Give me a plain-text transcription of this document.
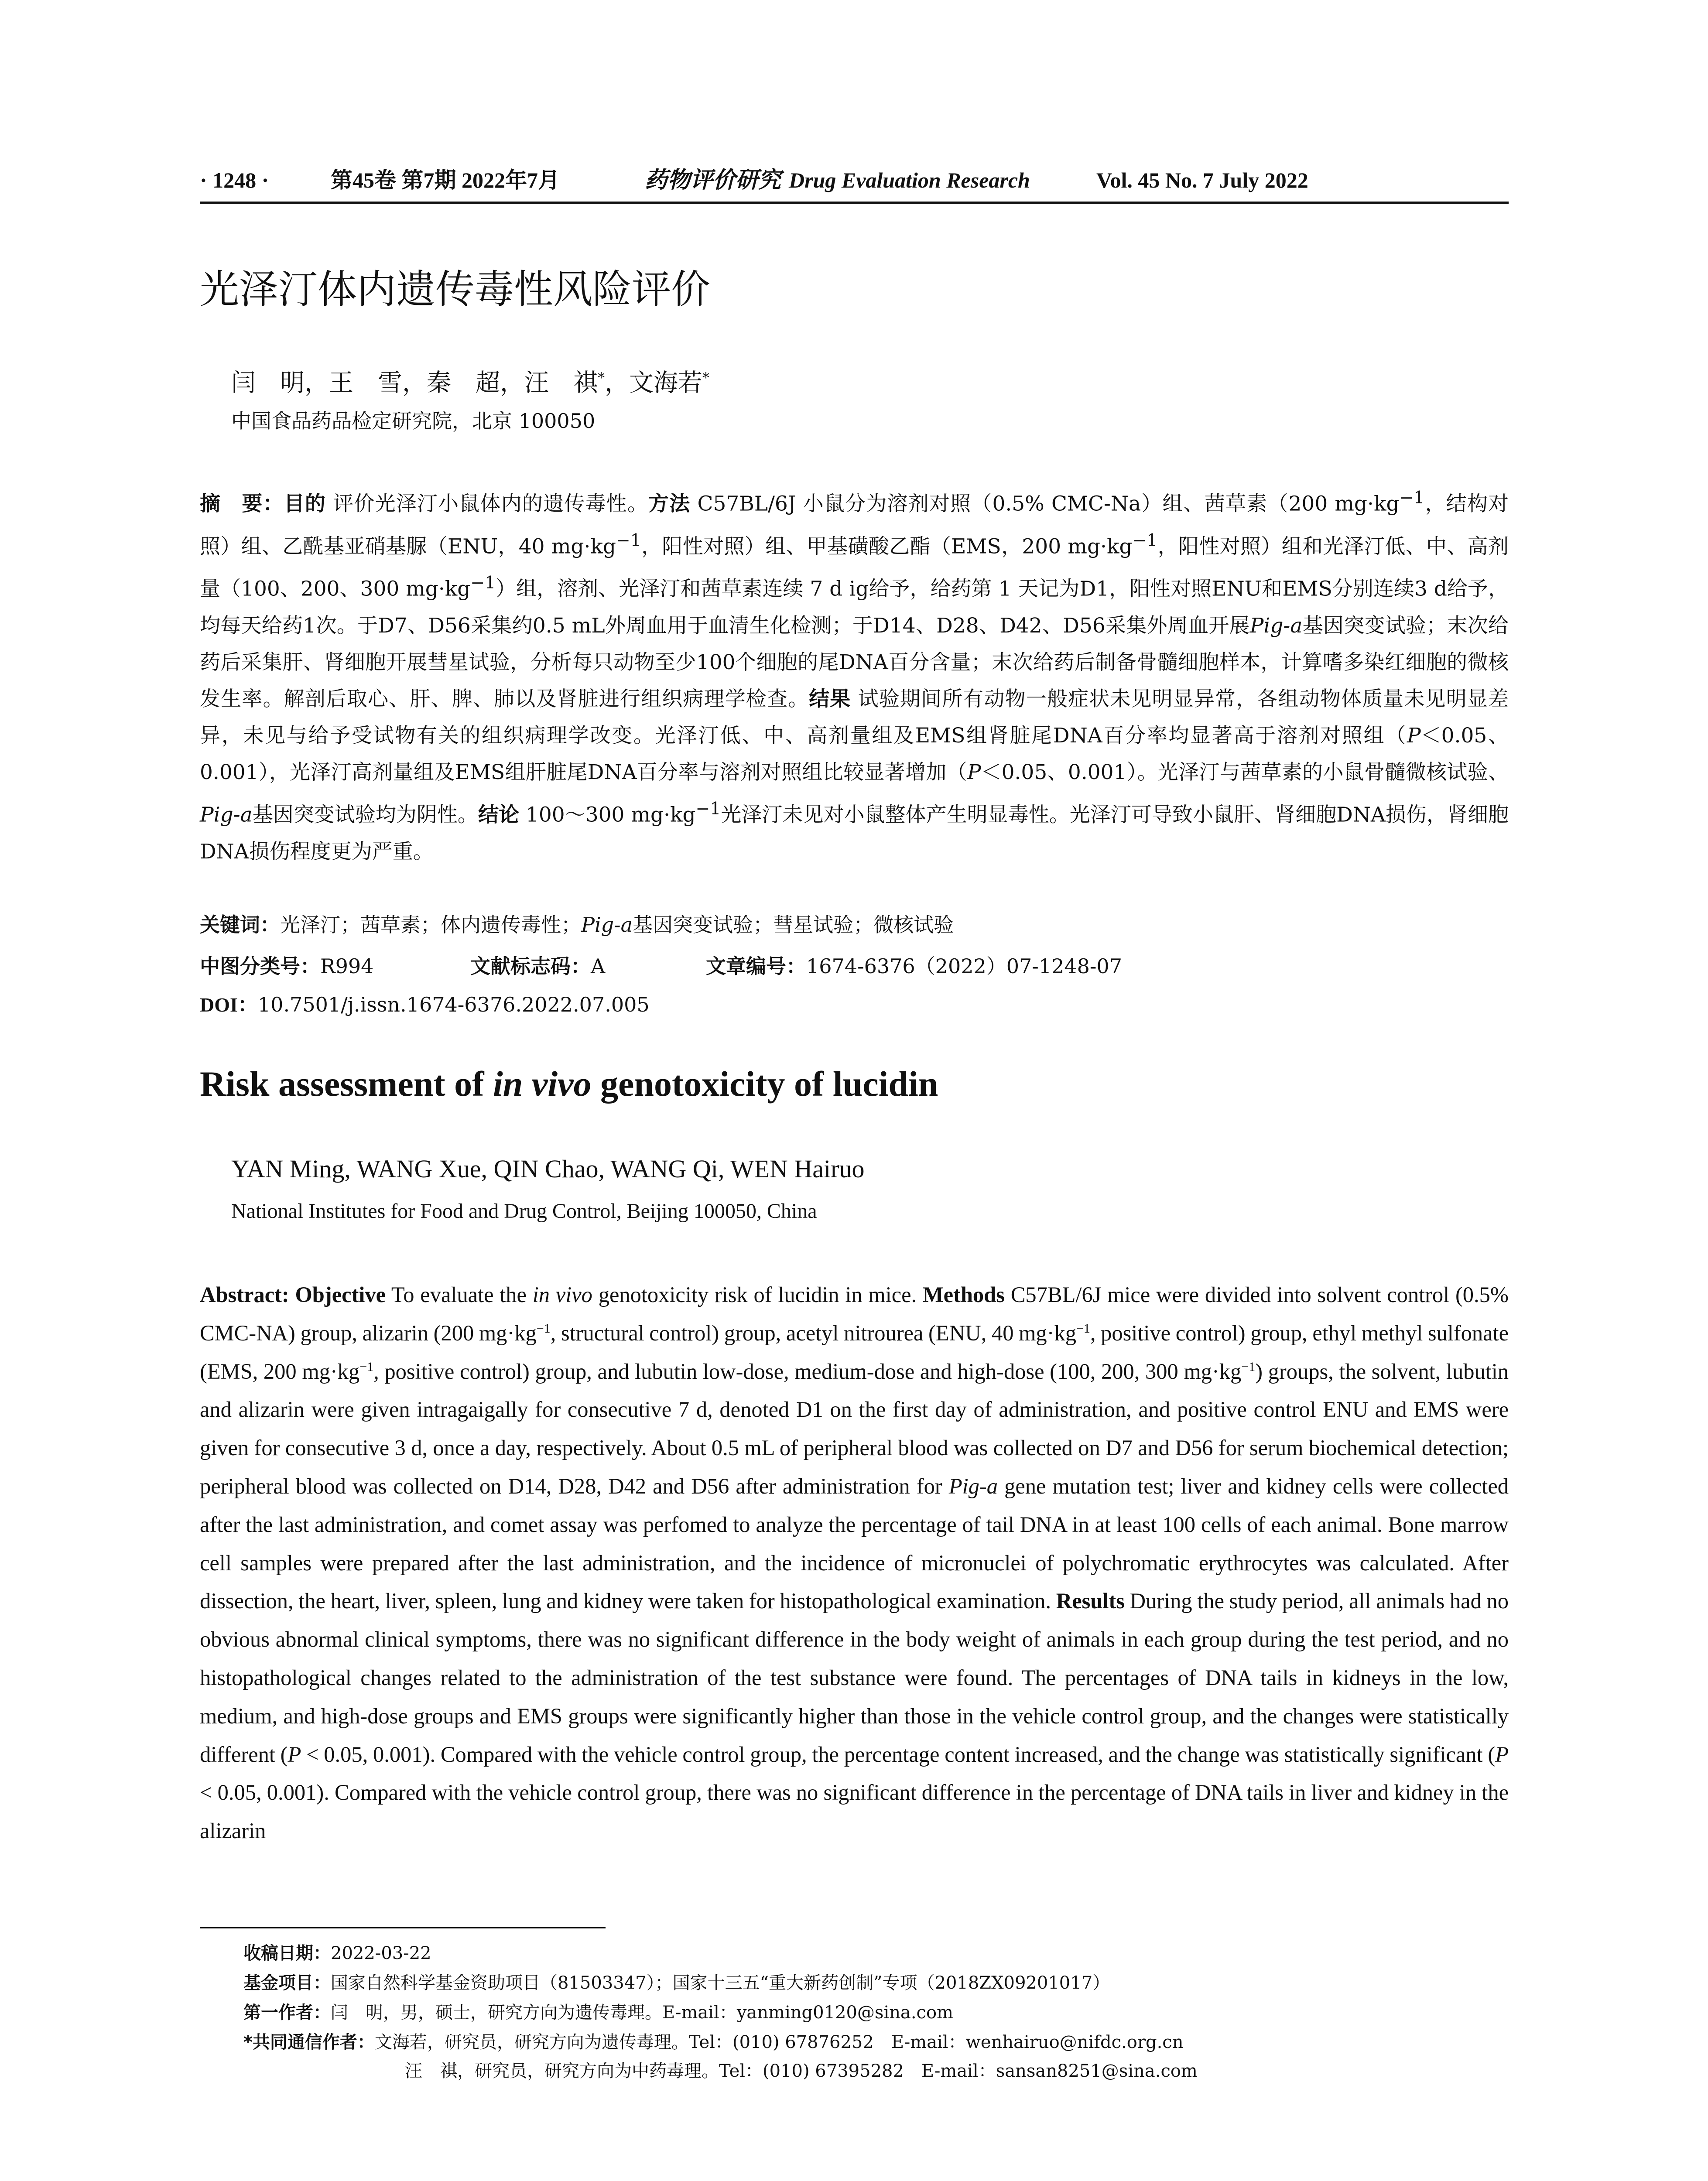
· 1248 ·	第45卷 第7期 2022年7月	药物评价研究 Drug Evaluation Research	Vol. 45 No. 7 July 2022
光泽汀体内遗传毒性风险评价
闫　明，王　雪，秦　超，汪　祺*，文海若*
中国食品药品检定研究院，北京 100050
摘　要：目的 评价光泽汀小鼠体内的遗传毒性。方法 C57BL/6J 小鼠分为溶剂对照（0.5% CMC-Na）组、茜草素（200 $mg\cdot kg^{-1}$，结构对照）组、乙酰基亚硝基脲（ENU，40 $mg\cdot kg^{-1}$，阳性对照）组、甲基磺酸乙酯（EMS，200 $mg\cdot kg^{-1}$，阳性对照）组和光泽汀低、中、高剂量（100、200、300 $mg\cdot kg^{-1}$）组，溶剂、光泽汀和茜草素连续 7 d ig给予，给药第 1 天记为D1，阳性对照ENU和EMS分别连续3 d给予，均每天给药1次。于D7、D56采集约0.5 mL外周血用于血清生化检测；于D14、D28、D42、D56采集外周血开展Pig-a基因突变试验；末次给药后采集肝、肾细胞开展彗星试验，分析每只动物至少100个细胞的尾DNA百分含量；末次给药后制备骨髓细胞样本，计算嗜多染红细胞的微核发生率。解剖后取心、肝、脾、肺以及肾脏进行组织病理学检查。结果 试验期间所有动物一般症状未见明显异常，各组动物体质量未见明显差异，未见与给予受试物有关的组织病理学改变。光泽汀低、中、高剂量组及EMS组肾脏尾DNA百分率均显著高于溶剂对照组（P＜0.05、0.001），光泽汀高剂量组及EMS组肝脏尾DNA百分率与溶剂对照组比较显著增加（P＜0.05、0.001）。光泽汀与茜草素的小鼠骨髓微核试验、Pig-a基因突变试验均为阴性。结论 100～300 $mg\cdot kg^{-1}$光泽汀未见对小鼠整体产生明显毒性。光泽汀可导致小鼠肝、肾细胞DNA损伤，肾细胞DNA损伤程度更为严重。
关键词：光泽汀；茜草素；体内遗传毒性；Pig-a基因突变试验；彗星试验；微核试验
中图分类号：R994	文献标志码：A	文章编号：1674-6376（2022）07-1248-07
DOI：10.7501/j.issn.1674-6376.2022.07.005
Risk assessment of in vivo genotoxicity of lucidin
YAN Ming, WANG Xue, QIN Chao, WANG Qi, WEN Hairuo
National Institutes for Food and Drug Control, Beijing 100050, China
Abstract: Objective To evaluate the in vivo genotoxicity risk of lucidin in mice. Methods C57BL/6J mice were divided into solvent control (0.5% CMC-NA) group, alizarin (200 $mg\cdot kg^{-1}$, structural control) group, acetyl nitrourea (ENU, 40 $mg\cdot kg^{-1}$, positive control) group, ethyl methyl sulfonate (EMS, 200 $mg\cdot kg^{-1}$, positive control) group, and lubutin low-dose, medium-dose and high-dose (100, 200, 300 $mg\cdot kg^{-1}$) groups, the solvent, lubutin and alizarin were given intragaigally for consecutive 7 d, denoted D1 on the first day of administration, and positive control ENU and EMS were given for consecutive 3 d, once a day, respectively. About 0.5 mL of peripheral blood was collected on D7 and D56 for serum biochemical detection; peripheral blood was collected on D14, D28, D42 and D56 after administration for Pig-a gene mutation test; liver and kidney cells were collected after the last administration, and comet assay was perfomed to analyze the percentage of tail DNA in at least 100 cells of each animal. Bone marrow cell samples were prepared after the last administration, and the incidence of micronuclei of polychromatic erythrocytes was calculated. After dissection, the heart, liver, spleen, lung and kidney were taken for histopathological examination. Results During the study period, all animals had no obvious abnormal clinical symptoms, there was no significant difference in the body weight of animals in each group during the test period, and no histopathological changes related to the administration of the test substance were found. The percentages of DNA tails in kidneys in the low, medium, and high-dose groups and EMS groups were significantly higher than those in the vehicle control group, and the changes were statistically different (P < 0.05, 0.001). Compared with the vehicle control group, the percentage content increased, and the change was statistically significant (P < 0.05, 0.001). Compared with the vehicle control group, there was no significant difference in the percentage of DNA tails in liver and kidney in the alizarin
收稿日期：2022-03-22
基金项目：国家自然科学基金资助项目（81503347）；国家十三五“重大新药创制”专项（2018ZX09201017）
第一作者：闫　明，男，硕士，研究方向为遗传毒理。E-mail：yanming0120@sina.com
*共同通信作者：文海若，研究员，研究方向为遗传毒理。Tel：(010) 67876252　E-mail：wenhairuo@nifdc.org.cn
汪　祺，研究员，研究方向为中药毒理。Tel：(010) 67395282　E-mail：sansan8251@sina.com
